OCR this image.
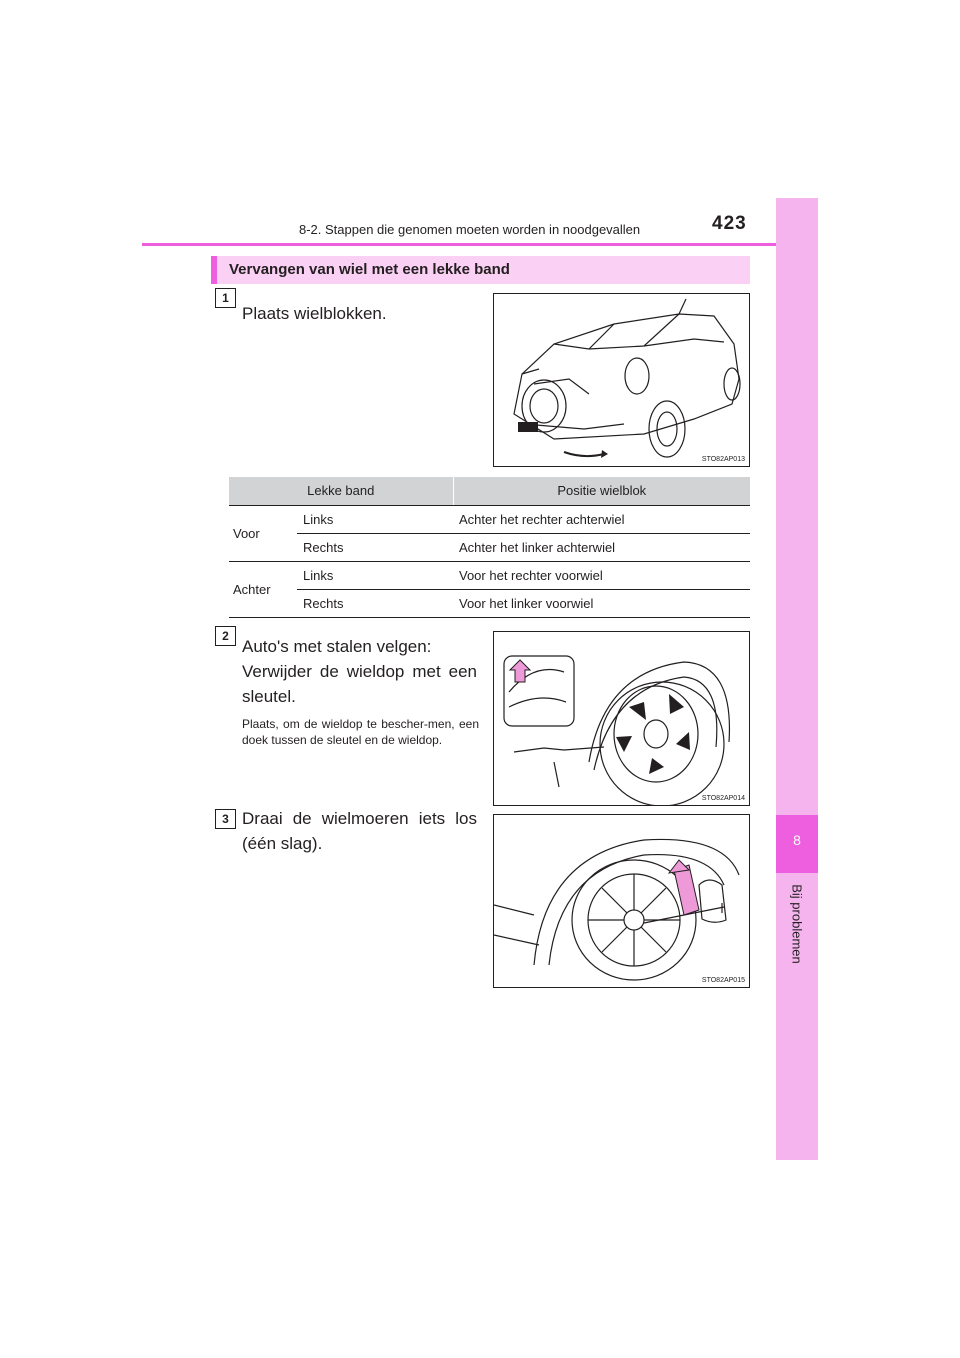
8-2. Stappen die genomen moeten worden in noodgevallen	423
8
Bij problemen
Vervangen van wiel met een lekke band
1
Plaats wielblokken.
STO82AP013
Lekke band		Positie wielblok
Voor	Links	Achter het rechter achterwiel
	Rechts	Achter het linker achterwiel
Achter	Links	Voor het rechter voorwiel
	Rechts	Voor het linker voorwiel
2
Auto's met stalen velgen:
Verwijder de wieldop met een
sleutel.
Plaats, om de wieldop te bescher-men, een doek tussen de sleutel en de wieldop.
STO82AP014
3 Draai de wielmoeren iets los
(één slag).
STO82AP015
